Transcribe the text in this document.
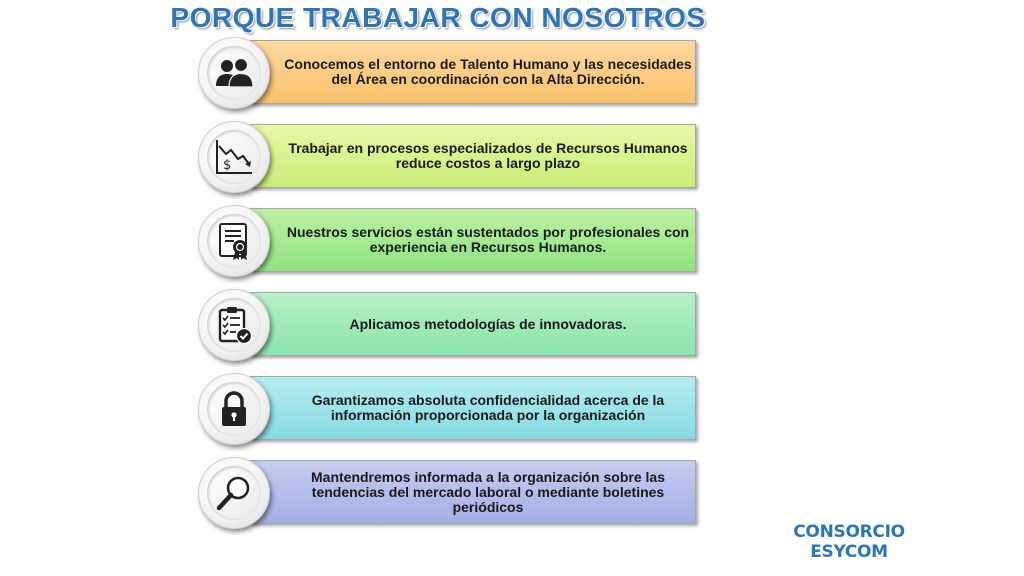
PORQUE TRABAJAR CON NOSOTROS
Conocemos el entorno de Talento Humano y las necesidades del Área en coordinación con la Alta Dirección.
$
Trabajar en procesos especializados de Recursos Humanos reduce costos a largo plazo
Nuestros servicios están sustentados por profesionales con experiencia en Recursos Humanos.
Aplicamos metodologías de innovadoras.
Garantizamos absoluta confidencialidad acerca de la información proporcionada por la organización
Mantendremos informada a la organización sobre las tendencias del mercado laboral o mediante boletines periódicos
CONSORCIO
ESYCOM
